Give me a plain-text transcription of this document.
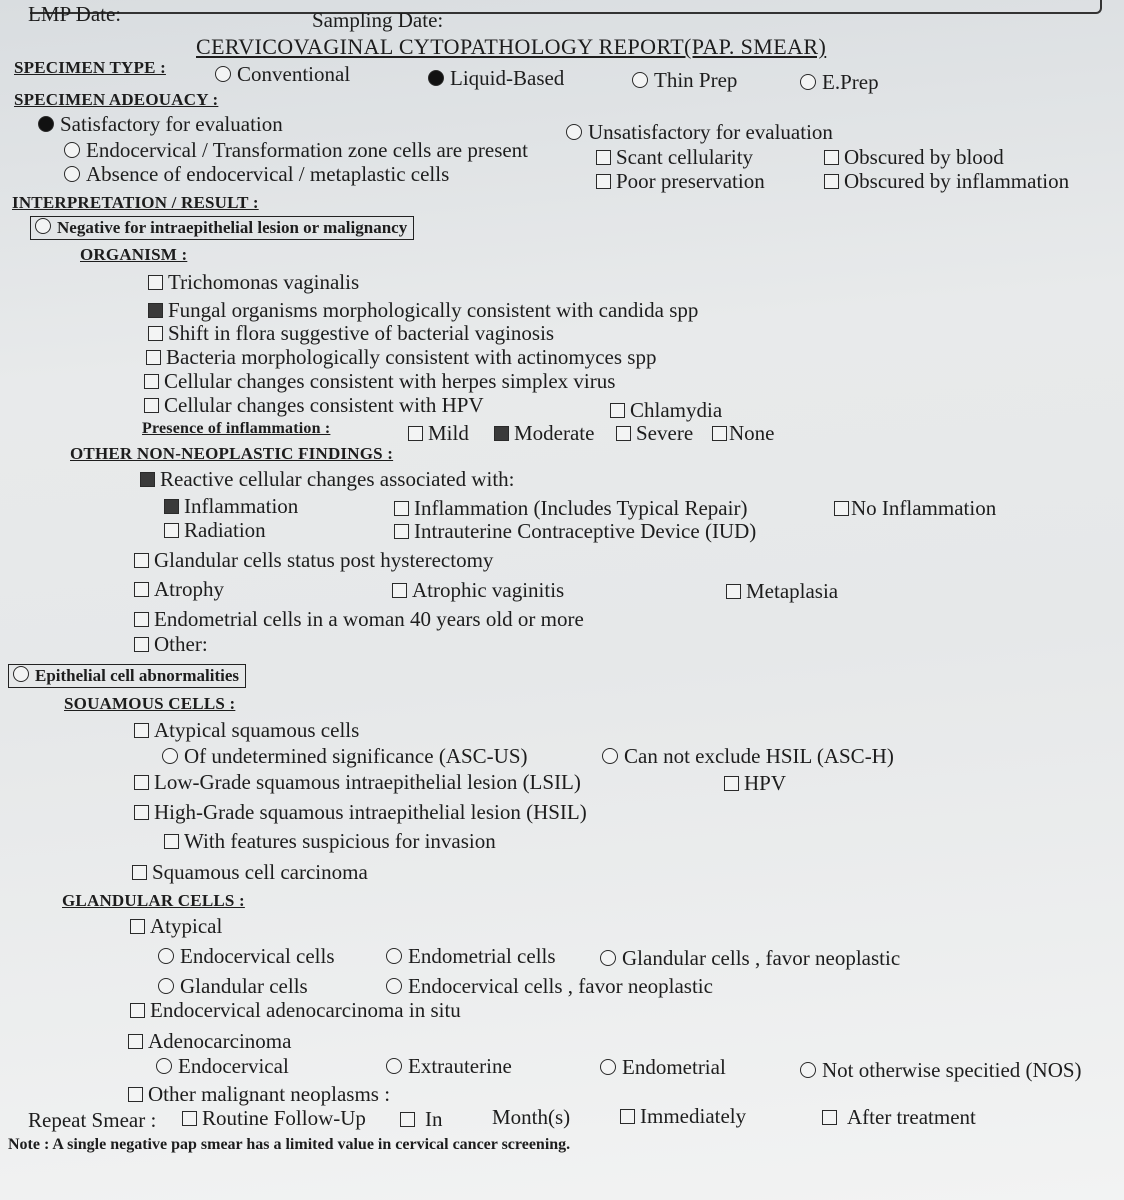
LMP Date:	Sampling Date:
CERVICOVAGINAL CYTOPATHOLOGY REPORT(PAP. SMEAR)
SPECIMEN TYPE :	Conventional	Liquid-Based	Thin Prep	E.Prep
SPECIMEN ADEOUACY :
Satisfactory for evaluation
Endocervical / Transformation zone cells are present
Absence of endocervical / metaplastic cells
Unsatisfactory for evaluation
Scant cellularity
Poor preservation
Obscured by blood
Obscured by inflammation
INTERPRETATION / RESULT :
Negative for intraepithelial lesion or malignancy
ORGANISM :
Trichomonas vaginalis
Fungal organisms morphologically consistent with candida spp
Shift in flora suggestive of bacterial vaginosis
Bacteria morphologically consistent with actinomyces spp
Cellular changes consistent with herpes simplex virus
Cellular changes consistent with HPV	Chlamydia
Presence of inflammation :	Mild	Moderate	Severe	None
OTHER NON-NEOPLASTIC FINDINGS :
Reactive cellular changes associated with:
Inflammation
Radiation
Inflammation (Includes Typical Repair)
Intrauterine Contraceptive Device (IUD)
No Inflammation
Glandular cells status post hysterectomy
Atrophy	Atrophic vaginitis	Metaplasia
Endometrial cells in a woman 40 years old or more
Other:
Epithelial cell abnormalities
SOUAMOUS CELLS :
Atypical squamous cells
Of undetermined significance (ASC-US)	Can not exclude HSIL (ASC-H)
Low-Grade squamous intraepithelial lesion (LSIL)	HPV
High-Grade squamous intraepithelial lesion (HSIL)
With features suspicious for invasion
Squamous cell carcinoma
GLANDULAR CELLS :
Atypical
Endocervical cells	Endometrial cells	Glandular cells , favor neoplastic
Glandular cells	Endocervical cells , favor neoplastic
Endocervical adenocarcinoma in situ
Adenocarcinoma
Endocervical	Extrauterine	Endometrial	Not otherwise specitied (NOS)
Other malignant neoplasms :
Repeat Smear :	Routine Follow-Up	In Month(s)	Immediately	After treatment
Note : A single negative pap smear has a limited value in cervical cancer screening.
